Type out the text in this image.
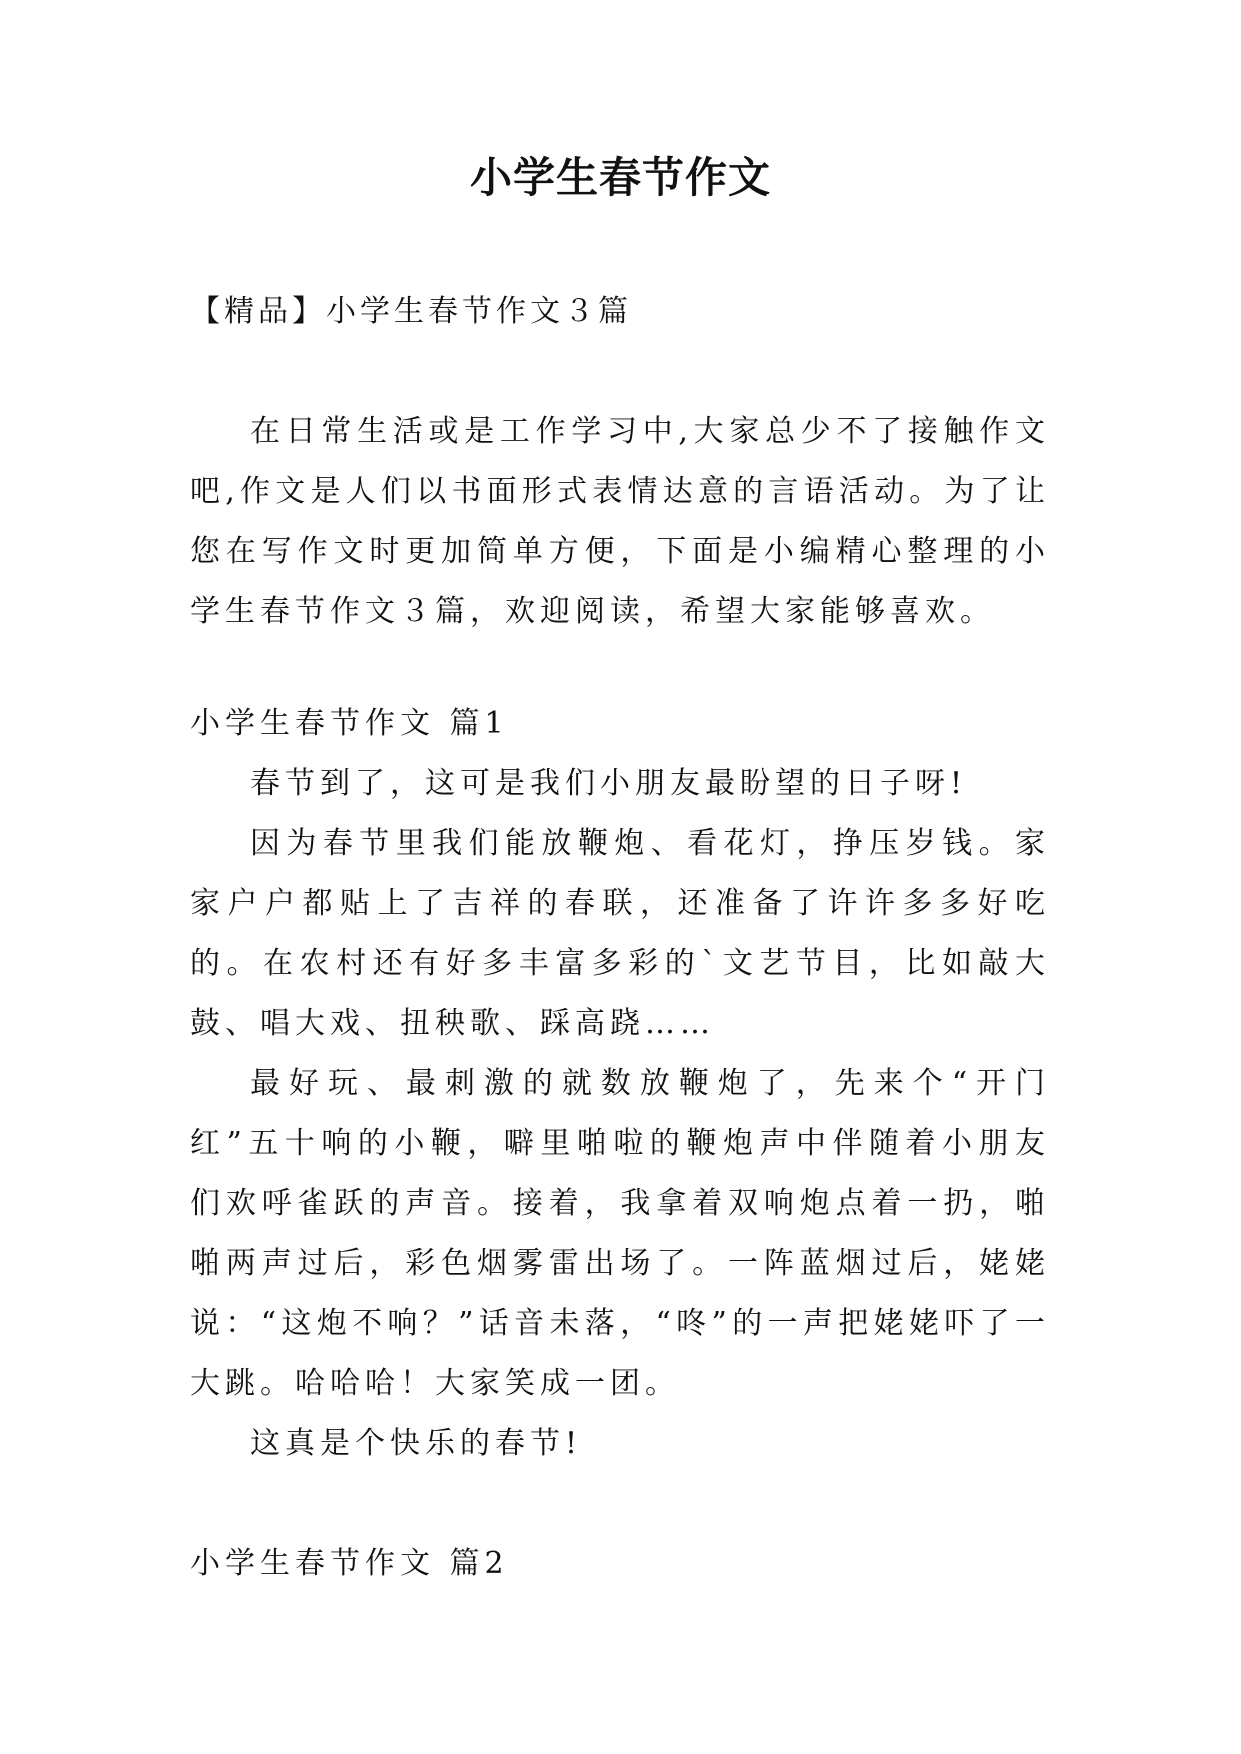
小学生春节作文
【精品】小学生春节作文３篇

在日常生活或是工作学习中,大家总少不了接触作文吧,作文是人们以书面形式表情达意的言语活动。为了让您在写作文时更加简单方便，下面是小编精心整理的小学生春节作文３篇，欢迎阅读，希望大家能够喜欢。

小学生春节作文 篇1

春节到了，这可是我们小朋友最盼望的日子呀!

因为春节里我们能放鞭炮、看花灯，挣压岁钱。家家户户都贴上了吉祥的春联，还准备了许许多多好吃的。在农村还有好多丰富多彩的`文艺节目，比如敲大鼓、唱大戏、扭秧歌、踩高跷……

最好玩、最刺激的就数放鞭炮了，先来个“开门红”五十响的小鞭，噼里啪啦的鞭炮声中伴随着小朋友们欢呼雀跃的声音。接着，我拿着双响炮点着一扔，啪啪两声过后，彩色烟雾雷出场了。一阵蓝烟过后，姥姥说：“这炮不响？”话音未落，“咚”的一声把姥姥吓了一大跳。哈哈哈！大家笑成一团。

这真是个快乐的春节!

小学生春节作文 篇2
